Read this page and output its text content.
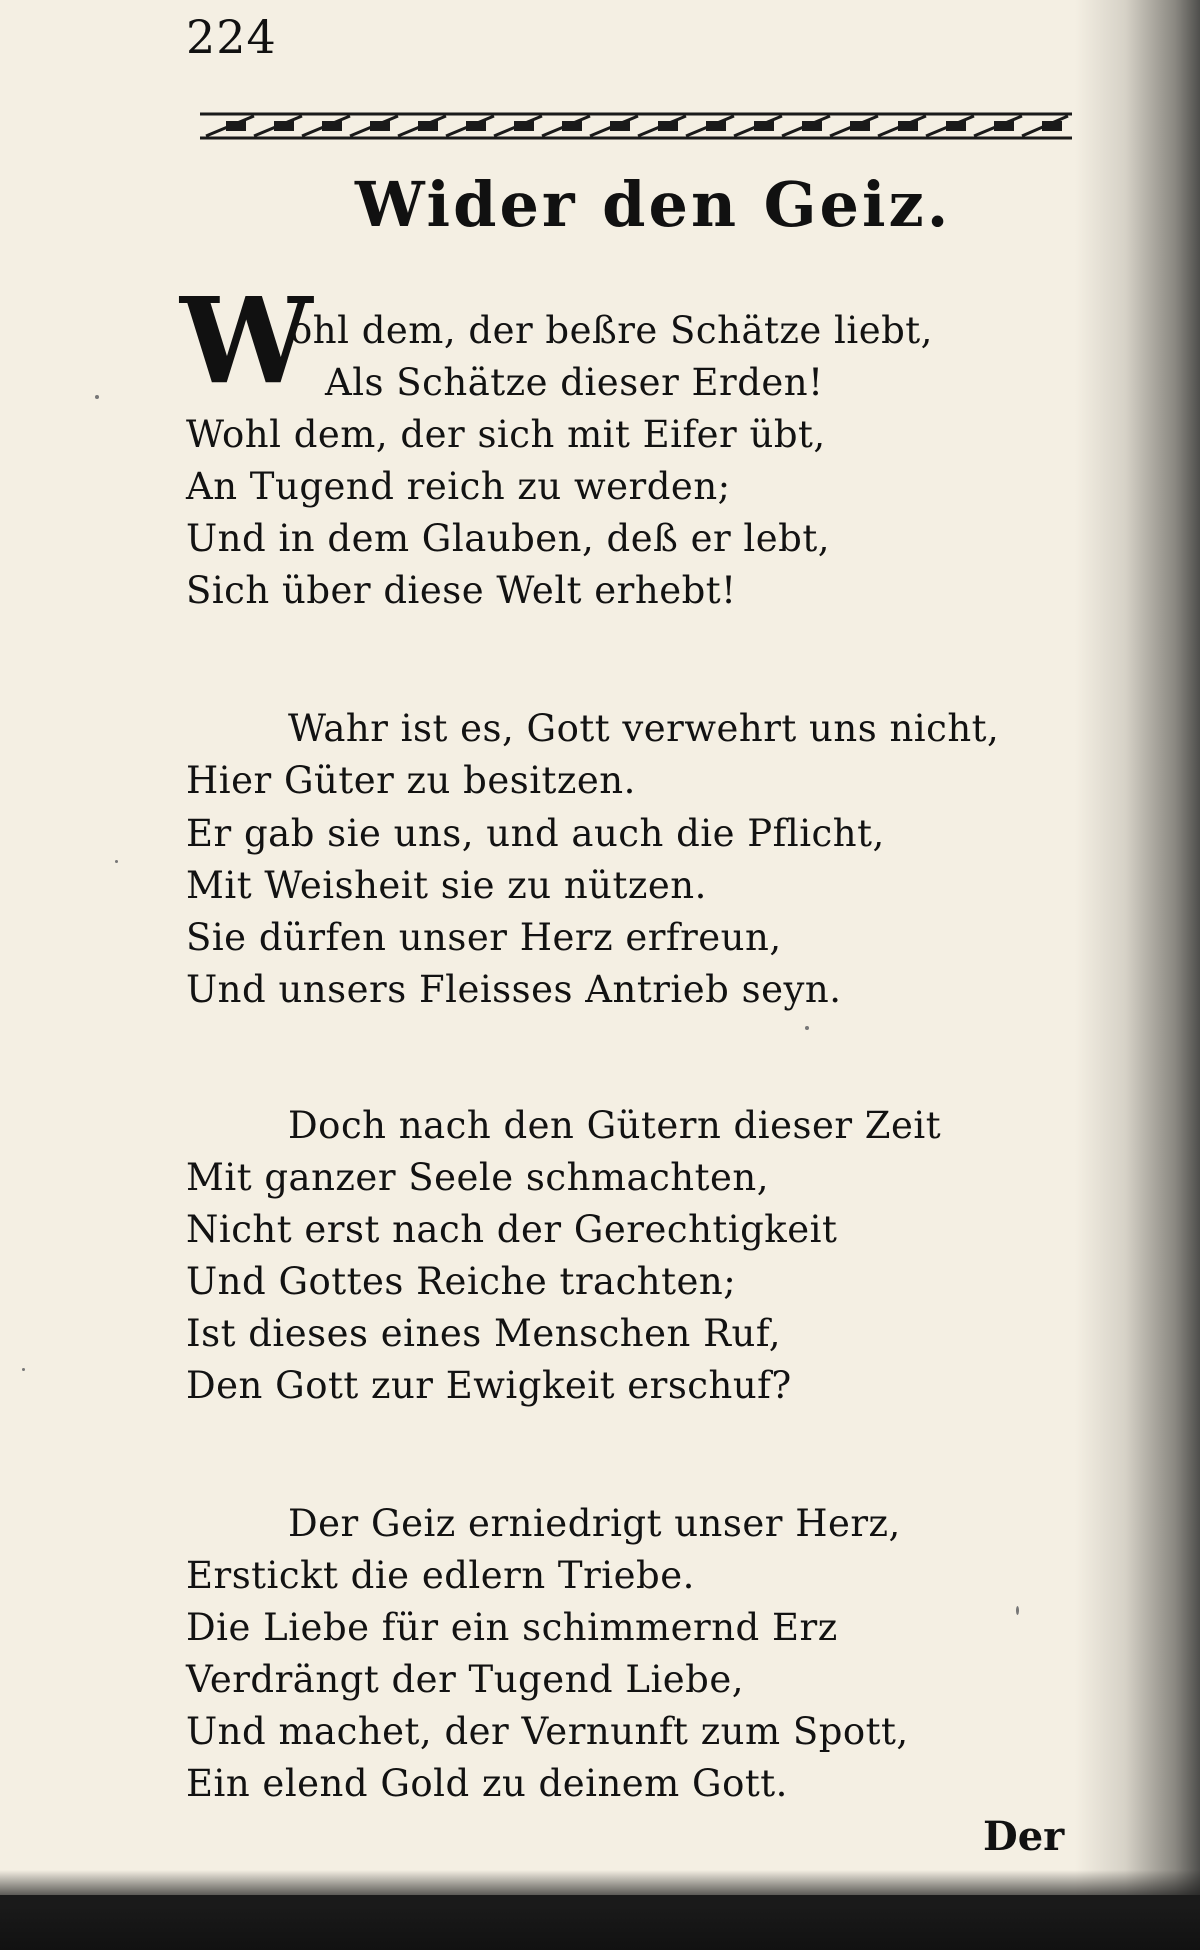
224
Wider den Geiz.
W
ohl dem, der beßre Schätze liebt,
Als Schätze dieser Erden!
Wohl dem, der sich mit Eifer übt,
An Tugend reich zu werden;
Und in dem Glauben, deß er lebt,
Sich über diese Welt erhebt!
Wahr ist es, Gott verwehrt uns nicht,
Hier Güter zu besitzen.
Er gab sie uns, und auch die Pflicht,
Mit Weisheit sie zu nützen.
Sie dürfen unser Herz erfreun,
Und unsers Fleisses Antrieb seyn.
Doch nach den Gütern dieser Zeit
Mit ganzer Seele schmachten,
Nicht erst nach der Gerechtigkeit
Und Gottes Reiche trachten;
Ist dieses eines Menschen Ruf,
Den Gott zur Ewigkeit erschuf?
Der Geiz erniedrigt unser Herz,
Erstickt die edlern Triebe.
Die Liebe für ein schimmernd Erz
Verdrängt der Tugend Liebe,
Und machet, der Vernunft zum Spott,
Ein elend Gold zu deinem Gott.
Der
